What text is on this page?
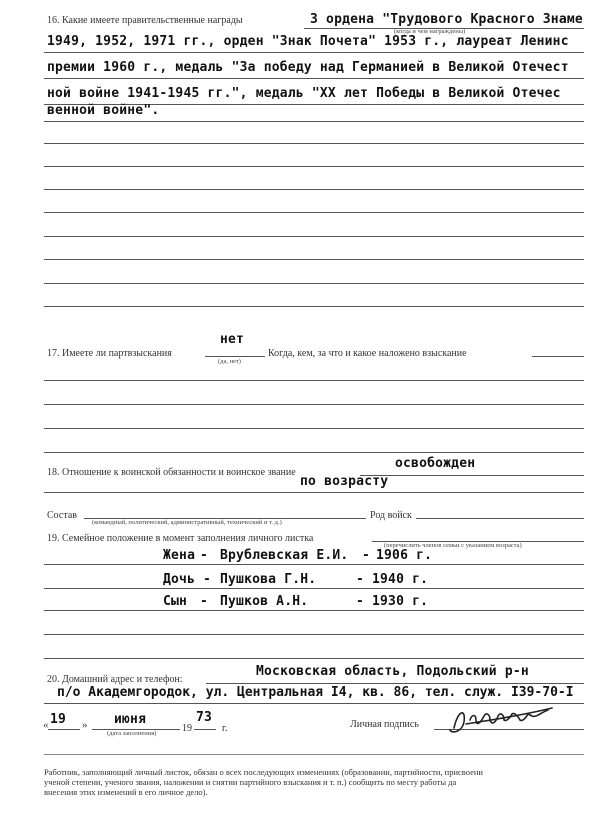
16. Какие имеете правительственные награды
(когда и чем награждены)
3 ордена "Трудового Красного Знаме
1949, 1952, 1971 гг., орден "Знак Почета" 1953 г., лауреат Ленинс
премии 1960 г., медаль "За победу над Германией в Великой Отечест
ной войне 1941-1945 гг.", медаль "ХХ лет Победы в Великой Отечес
венной войне".
нет
17. Имеете ли партвзыскания
(да, нет)
Когда, кем, за что и какое наложено взыскание
18. Отношение к воинской обязанности и воинское звание
освобожден
по возрасту
Состав
(командный, политический, административный, технический и т. д.)
Род войск
19. Семейное положение в момент заполнения личного листка
(перечислить членов семьи с указанием возраста)
Жена - Врублевская Е.И. - 1906 г.
Дочь - Пушкова Г.Н.	- 1940 г.
Сын - Пушков А.Н.	- 1930 г.
20. Домашний адрес и телефон:
Московская область, Подольский р-н
п/о Академгородок, ул. Центральная I4, кв. 86, тел. служ. I39-70-I
« 19 » июня
(дата заполнения)	19
73
г.	Личная подпись
Работник, заполняющий личный листок, обязан о всех последующих изменениях (образовании, партийности, присвоени
ученой степени, ученого звания, наложении и снятии партийного взыскания и т. п.) сообщить по месту работы да
внесения этих изменений в его личное дело).
